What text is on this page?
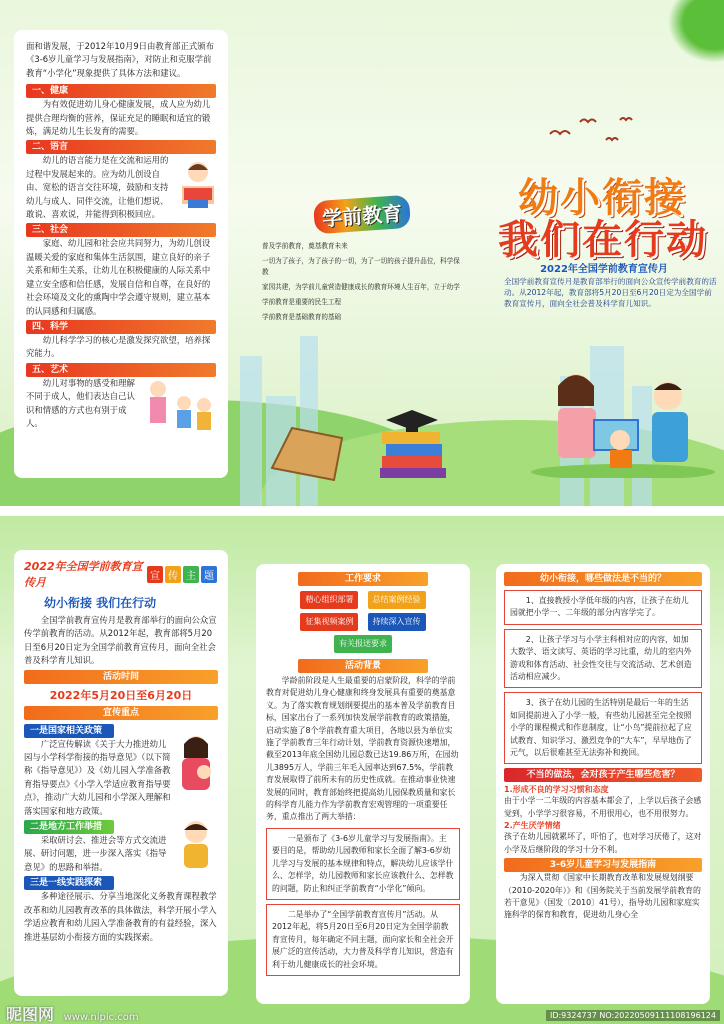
面和谐发展，于2012年10月9日由教育部正式颁布《3-6岁儿童学习与发展指南》，对防止和克服学前教育“小学化”现象提供了具体方法和建议。

一、健康

为有效促进幼儿身心健康发展，成人应为幼儿提供合理均衡的营养，保证充足的睡眠和适宜的锻炼，满足幼儿生长发育的需要。

二、语言

幼儿的语言能力是在交流和运用的过程中发展起来的。应为幼儿创设自由、宽松的语言交往环境，鼓励和支持幼儿与成人、同伴交流，让他们想说、敢说、喜欢说，并能得到积极回应。

三、社会

家庭、幼儿园和社会应共同努力，为幼儿创设温暖关爱的家庭和集体生活氛围，建立良好的亲子关系和师生关系，让幼儿在积极健康的人际关系中建立安全感和信任感，发展自信和自尊，在良好的社会环境及文化的熏陶中学会遵守规则，建立基本的认同感和归属感。

四、科学

幼儿科学学习的核心是激发探究欲望，培养探究能力。

五、艺术

幼儿对事物的感受和理解不同于成人，他们表达自己认识和情感的方式也有别于成人。

学前教育
普及学前教育，奠基教育未来
一切为了孩子，为了孩子的一切，为了一切的孩子提升品位，科学保教
家园共建，为学前儿童营造健康成长的教育环境人生百年，立于幼学
学前教育是重要的民生工程
学前教育是基础教育的基础
幼小衔接
我们在行动
2022年全国学前教育宣传月

全国学前教育宣传月是教育部举行的面向公众宣传学前教育的活动。从2012年起，教育部将5月20日至6月20日定为全国学前教育宣传月，面向全社会普及科学育儿知识。

2022年全国学前教育宣传月	宣 传 主 题
幼小衔接 我们在行动

全国学前教育宣传月是教育部举行的面向公众宣传学前教育的活动。从2012年起，教育部将5月20日至6月20日定为全国学前教育宣传月，面向全社会普及科学育儿知识。

活动时间
2022年5月20日至6月20日
宣传重点
一是国家相关政策

广泛宣传解读《关于大力推进幼儿园与小学科学衔接的指导意见》（以下简称《指导意见》）及《幼儿园入学准备教育指导要点》《小学入学适应教育指导要点》，推动广大幼儿园和小学深入理解和落实国家和地方政策。

二是地方工作举措

采取研讨会、推进会等方式交流进展、研讨问题，进一步深入落实《指导意见》的思路和举措。

三是一线实践探索

多种途径展示、分享当地深化义务教育课程教学改革和幼儿园教育改革的具体做法，科学开展小学入学适应教育和幼儿园入学准备教育的有益经验，深入推进基层幼小衔接方面的实践探索。

工作要求
精心组织部署 总结案例经验 征集视频案例 持续深入宣传 有关报送要求
活动背景

学龄前阶段是人生最重要的启蒙阶段，科学的学前教育对促进幼儿身心健康和终身发展具有重要的奠基意义。为了落实教育规划纲要提出的基本普及学前教育目标，国家出台了一系列加快发展学前教育的政策措施，启动实施了8个学前教育重大项目，各地以县为单位实施了学前教育三年行动计划，学前教育资源快速增加，截至2013年底全国幼儿园总数已达19.86万所，在园幼儿3895万人，学前三年毛入园率达到67.5%，学前教育发展取得了前所未有的历史性成就。在推动事业快速发展的同时，教育部始终把提高幼儿园保教质量和家长的科学育儿能力作为学前教育宏观管理的一项重要任务，重点推出了两大举措：

一是颁布了《3-6岁儿童学习与发展指南》。主要目的是，帮助幼儿园教师和家长全面了解3-6岁幼儿学习与发展的基本规律和特点，解决幼儿应该学什么、怎样学，幼儿园教师和家长应该教什么、怎样教的问题，防止和纠正学前教育“小学化”倾向。

二是举办了“全国学前教育宣传月”活动。从2012年起，将5月20日至6月20日定为全国学前教育宣传月，每年确定不同主题，面向家长和全社会开展广泛的宣传活动，大力普及科学育儿知识，营造有利于幼儿健康成长的社会环境。

幼小衔接，哪些做法是不当的？

1、直接教授小学低年级的内容，让孩子在幼儿园就把小学一、二年级的部分内容学完了。

2、让孩子学习与小学主科相对应的内容，如加大数学、语文读写、英语的学习比重，幼儿的室内外游戏和体育活动、社会性交往与交流活动、艺术创造活动相应减少。

3、孩子在幼儿园的生活特别是最后一年的生活如同提前进入了小学一般，有些幼儿园甚至完全按照小学的课程模式和作息制度，让“小鸟”提前拉起了应试教育、知识学习、激烈竞争的“大车”，早早地伤了元气，以后很难甚至无法弥补和挽回。

不当的做法，会对孩子产生哪些危害？
1.形成不良的学习习惯和态度

由于小学一二年级的内容基本都会了，上学以后孩子会感觉到，小学学习很容易，不用很用心，也不用很努力。

2.产生厌学情绪

孩子在幼儿园就累坏了，吓怕了，也对学习厌倦了，这对小学及后继阶段的学习十分不利。

3-6岁儿童学习与发展指南

为深入贯彻《国家中长期教育改革和发展规划纲要（2010-2020年）》和《国务院关于当前发展学前教育的若干意见》（国发〔2010〕41号），指导幼儿园和家庭实施科学的保育和教育，促进幼儿身心全

昵图网 www.nipic.com	ID:9324737 NO:20220509111108196124
